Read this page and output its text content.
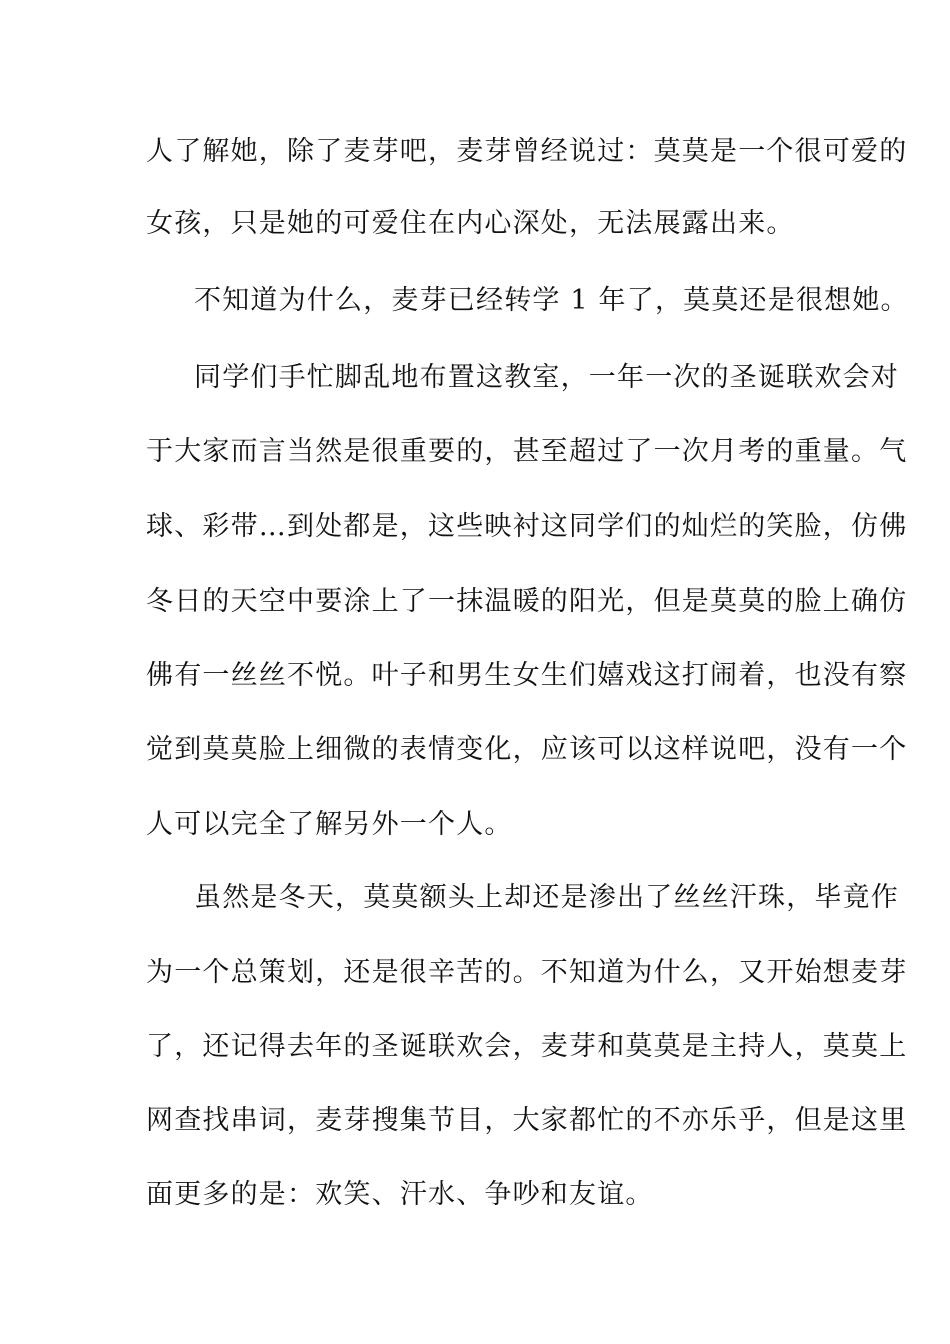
人了解她，除了麦芽吧，麦芽曾经说过：莫莫是一个很可爱的
女孩，只是她的可爱住在内心深处，无法展露出来。
不知道为什么，麦芽已经转学 1 年了，莫莫还是很想她。
同学们手忙脚乱地布置这教室，一年一次的圣诞联欢会对
于大家而言当然是很重要的，甚至超过了一次月考的重量。气
球、彩带…到处都是，这些映衬这同学们的灿烂的笑脸，仿佛
冬日的天空中要涂上了一抹温暖的阳光，但是莫莫的脸上确仿
佛有一丝丝不悦。叶子和男生女生们嬉戏这打闹着，也没有察
觉到莫莫脸上细微的表情变化，应该可以这样说吧，没有一个
人可以完全了解另外一个人。
虽然是冬天，莫莫额头上却还是渗出了丝丝汗珠，毕竟作
为一个总策划，还是很辛苦的。不知道为什么，又开始想麦芽
了，还记得去年的圣诞联欢会，麦芽和莫莫是主持人，莫莫上
网查找串词，麦芽搜集节目，大家都忙的不亦乐乎，但是这里
面更多的是：欢笑、汗水、争吵和友谊。
